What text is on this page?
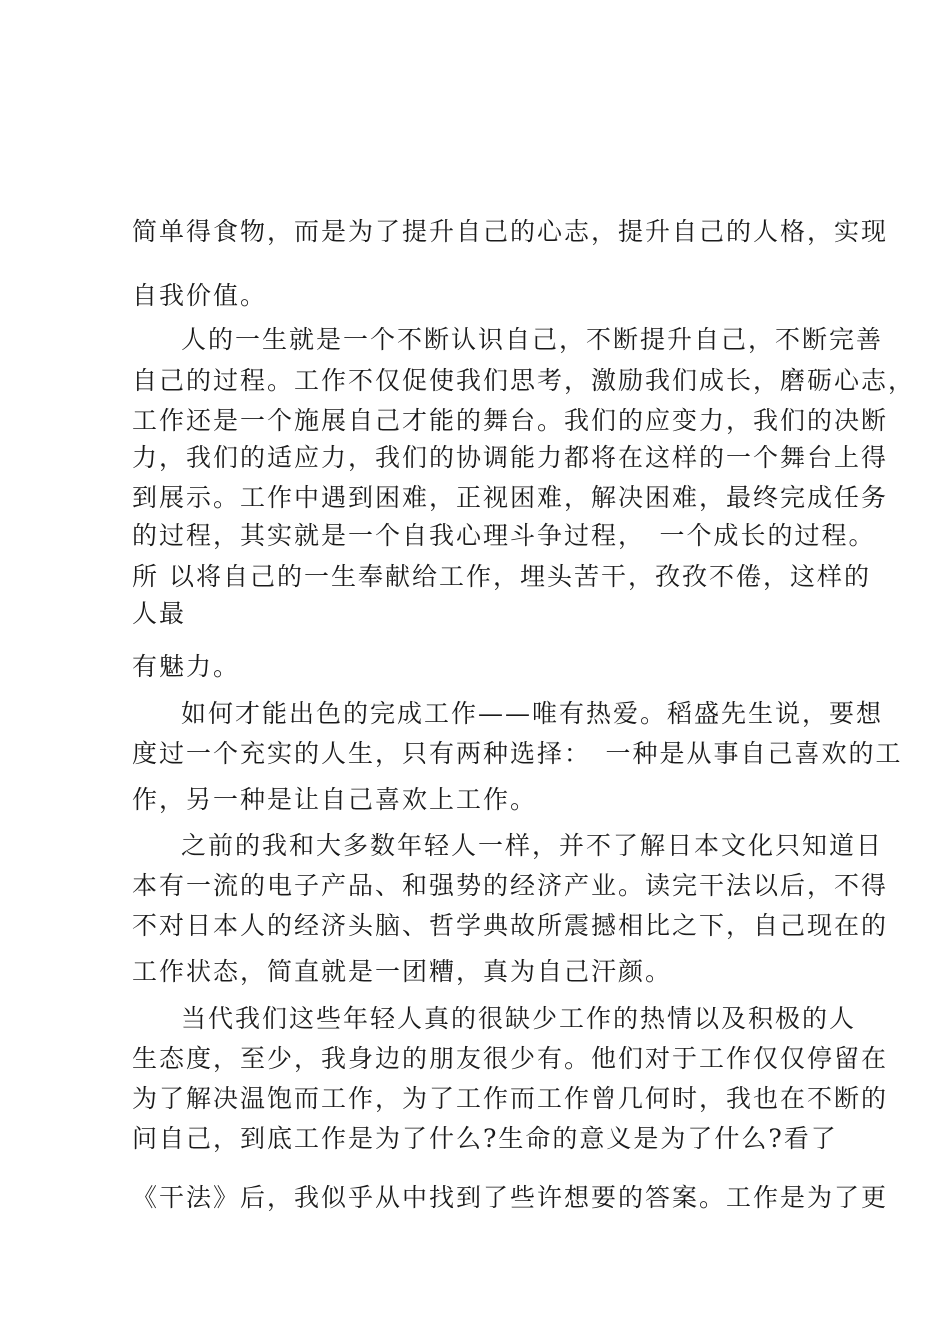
简单得食物，而是为了提升自己的心志，提升自己的人格，实现
自我价值。
人的一生就是一个不断认识自己，不断提升自己，不断完善
自己的过程。工作不仅促使我们思考，激励我们成长，磨砺心志，
工作还是一个施展自己才能的舞台。我们的应变力，我们的决断
力，我们的适应力，我们的协调能力都将在这样的一个舞台上得
到展示。工作中遇到困难，正视困难，解决困难，最终完成任务
的过程，其实就是一个自我心理斗争过程，　一个成长的过程。
所 以将自己的一生奉献给工作，埋头苦干，孜孜不倦，这样的
人最
有魅力。
如何才能出色的完成工作——唯有热爱。稻盛先生说，要想
度过一个充实的人生，只有两种选择：　一种是从事自己喜欢的工
作，另一种是让自己喜欢上工作。
之前的我和大多数年轻人一样，并不了解日本文化只知道日
本有一流的电子产品、和强势的经济产业。读完干法以后，不得
不对日本人的经济头脑、哲学典故所震撼相比之下，自己现在的
工作状态，简直就是一团糟，真为自己汗颜。
当代我们这些年轻人真的很缺少工作的热情以及积极的人
生态度，至少，我身边的朋友很少有。他们对于工作仅仅停留在
为了解决温饱而工作，为了工作而工作曾几何时，我也在不断的
问自己，到底工作是为了什么?生命的意义是为了什么?看了
《干法》后，我似乎从中找到了些许想要的答案。工作是为了更
